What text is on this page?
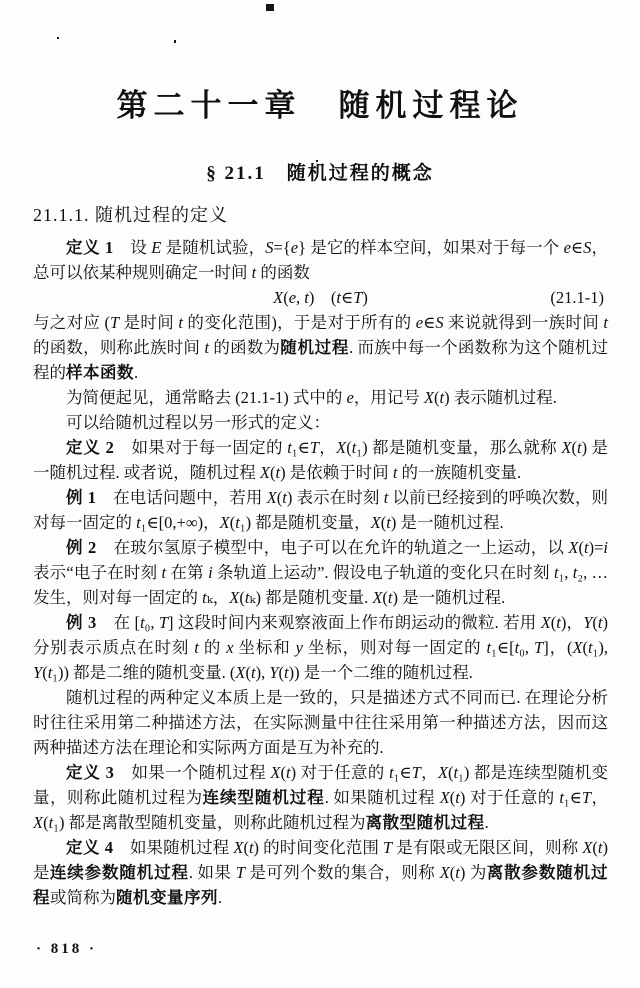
第二十一章　随机过程论
§ 21.1　随机过程的概念
21.1.1. 随机过程的定义

定义 1　设 E 是随机试验，S={e} 是它的样本空间，如果对于每一个 e∈S，总可以依某种规则确定一时间 t 的函数

X(e, t)　(t∈T)	(21.1-1)

与之对应 (T 是时间 t 的变化范围)，于是对于所有的 e∈S 来说就得到一族时间 t 的函数，则称此族时间 t 的函数为随机过程. 而族中每一个函数称为这个随机过程的样本函数.

为简便起见，通常略去 (21.1-1) 式中的 e，用记号 X(t) 表示随机过程.

可以给随机过程以另一形式的定义：

定义 2　如果对于每一固定的 t₁∈T，X(t₁) 都是随机变量，那么就称 X(t) 是一随机过程. 或者说，随机过程 X(t) 是依赖于时间 t 的一族随机变量.

例 1　在电话问题中，若用 X(t) 表示在时刻 t 以前已经接到的呼唤次数，则对每一固定的 t₁∈[0,+∞)，X(t₁) 都是随机变量，X(t) 是一随机过程.

例 2　在玻尔氢原子模型中，电子可以在允许的轨道之一上运动，以 X(t)=i 表示“电子在时刻 t 在第 i 条轨道上运动”. 假设电子轨道的变化只在时刻 t₁, t₂, … 发生，则对每一固定的 tₖ，X(tₖ) 都是随机变量. X(t) 是一随机过程.

例 3　在 [t₀, T] 这段时间内来观察液面上作布朗运动的微粒. 若用 X(t)，Y(t) 分别表示质点在时刻 t 的 x 坐标和 y 坐标，则对每一固定的 t₁∈[t₀, T]，(X(t₁), Y(t₁)) 都是二维的随机变量. (X(t), Y(t)) 是一个二维的随机过程.

随机过程的两种定义本质上是一致的，只是描述方式不同而已. 在理论分析时往往采用第二种描述方法，在实际测量中往往采用第一种描述方法，因而这两种描述方法在理论和实际两方面是互为补充的.

定义 3　如果一个随机过程 X(t) 对于任意的 t₁∈T，X(t₁) 都是连续型随机变量，则称此随机过程为连续型随机过程. 如果随机过程 X(t) 对于任意的 t₁∈T，X(t₁) 都是离散型随机变量，则称此随机过程为离散型随机过程.

定义 4　如果随机过程 X(t) 的时间变化范围 T 是有限或无限区间，则称 X(t) 是连续参数随机过程. 如果 T 是可列个数的集合，则称 X(t) 为离散参数随机过程或简称为随机变量序列.

· 818 ·
